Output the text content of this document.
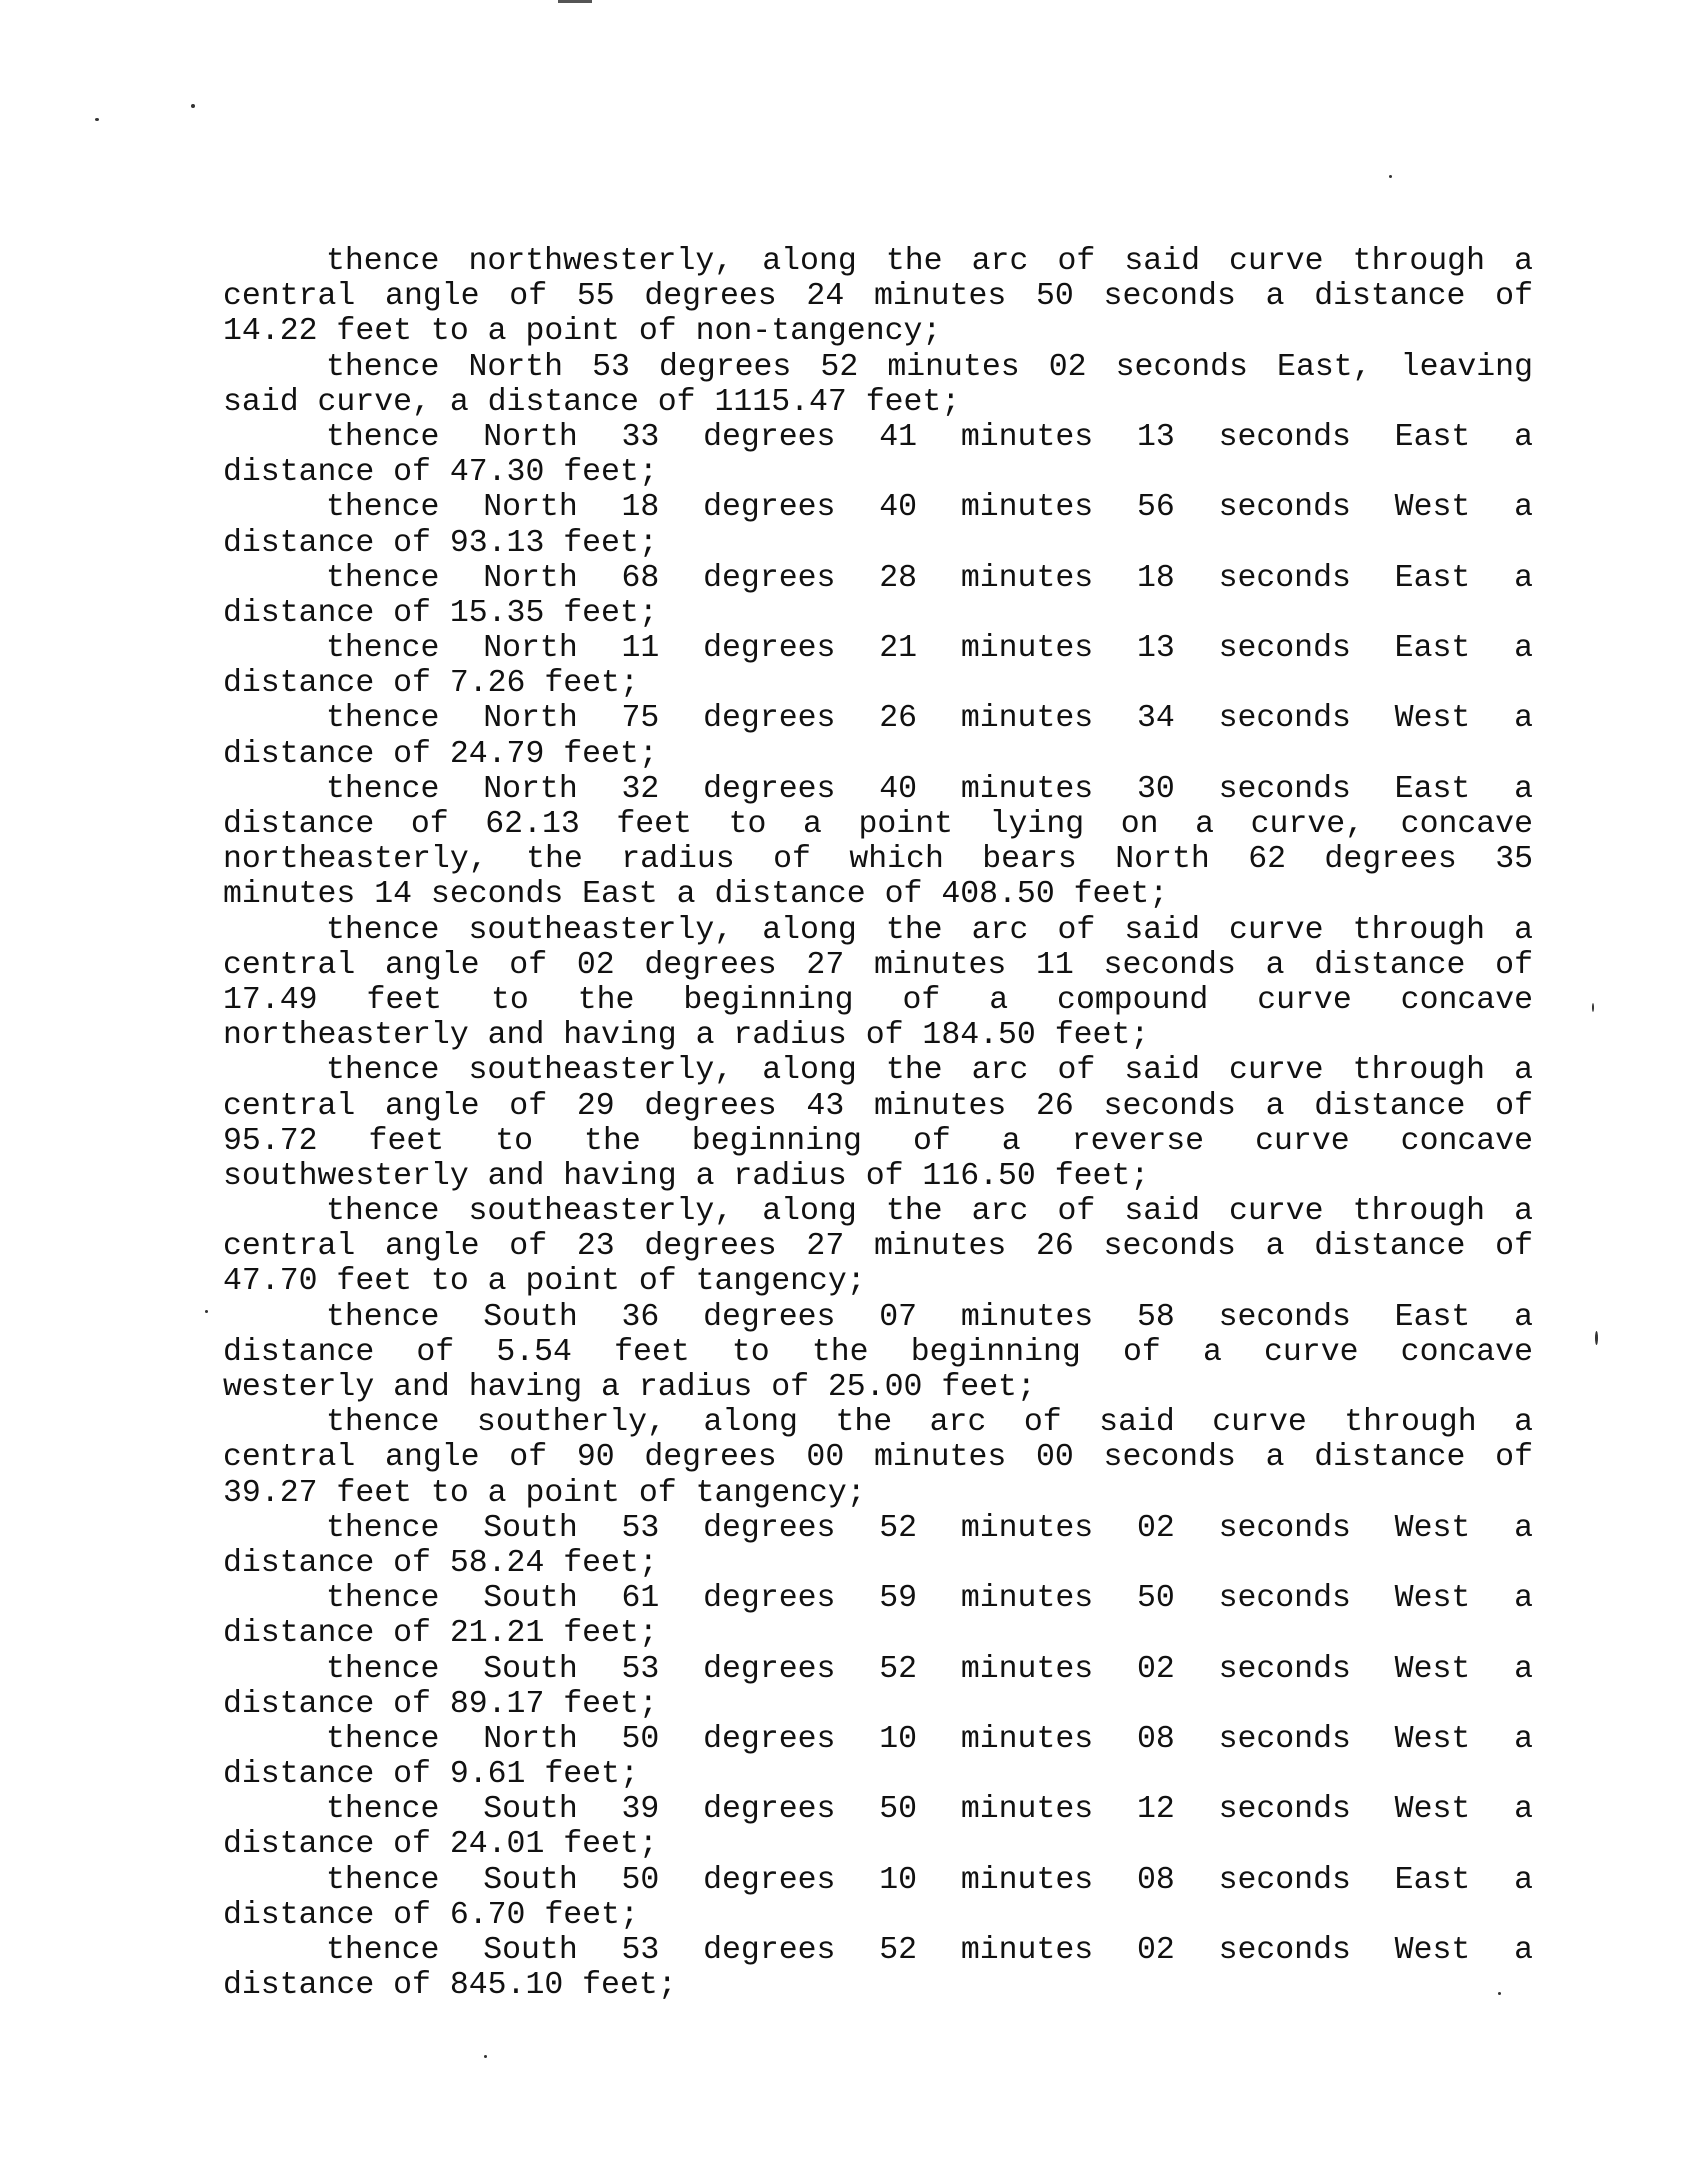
thence northwesterly, along the arc of said curve through a
central angle of 55 degrees 24 minutes 50 seconds a distance of
14.22 feet to a point of non-tangency;
thence North 53 degrees 52 minutes 02 seconds East, leaving
said curve, a distance of 1115.47 feet;
thence North 33 degrees 41 minutes 13 seconds East a
distance of 47.30 feet;
thence North 18 degrees 40 minutes 56 seconds West a
distance of 93.13 feet;
thence North 68 degrees 28 minutes 18 seconds East a
distance of 15.35 feet;
thence North 11 degrees 21 minutes 13 seconds East a
distance of 7.26 feet;
thence North 75 degrees 26 minutes 34 seconds West a
distance of 24.79 feet;
thence North 32 degrees 40 minutes 30 seconds East a
distance of 62.13 feet to a point lying on a curve, concave
northeasterly, the radius of which bears North 62 degrees 35
minutes 14 seconds East a distance of 408.50 feet;
thence southeasterly, along the arc of said curve through a
central angle of 02 degrees 27 minutes 11 seconds a distance of
17.49 feet to the beginning of a compound curve concave
northeasterly and having a radius of 184.50 feet;
thence southeasterly, along the arc of said curve through a
central angle of 29 degrees 43 minutes 26 seconds a distance of
95.72 feet to the beginning of a reverse curve concave
southwesterly and having a radius of 116.50 feet;
thence southeasterly, along the arc of said curve through a
central angle of 23 degrees 27 minutes 26 seconds a distance of
47.70 feet to a point of tangency;
thence South 36 degrees 07 minutes 58 seconds East a
distance of 5.54 feet to the beginning of a curve concave
westerly and having a radius of 25.00 feet;
thence southerly, along the arc of said curve through a
central angle of 90 degrees 00 minutes 00 seconds a distance of
39.27 feet to a point of tangency;
thence South 53 degrees 52 minutes 02 seconds West a
distance of 58.24 feet;
thence South 61 degrees 59 minutes 50 seconds West a
distance of 21.21 feet;
thence South 53 degrees 52 minutes 02 seconds West a
distance of 89.17 feet;
thence North 50 degrees 10 minutes 08 seconds West a
distance of 9.61 feet;
thence South 39 degrees 50 minutes 12 seconds West a
distance of 24.01 feet;
thence South 50 degrees 10 minutes 08 seconds East a
distance of 6.70 feet;
thence South 53 degrees 52 minutes 02 seconds West a
distance of 845.10 feet;
